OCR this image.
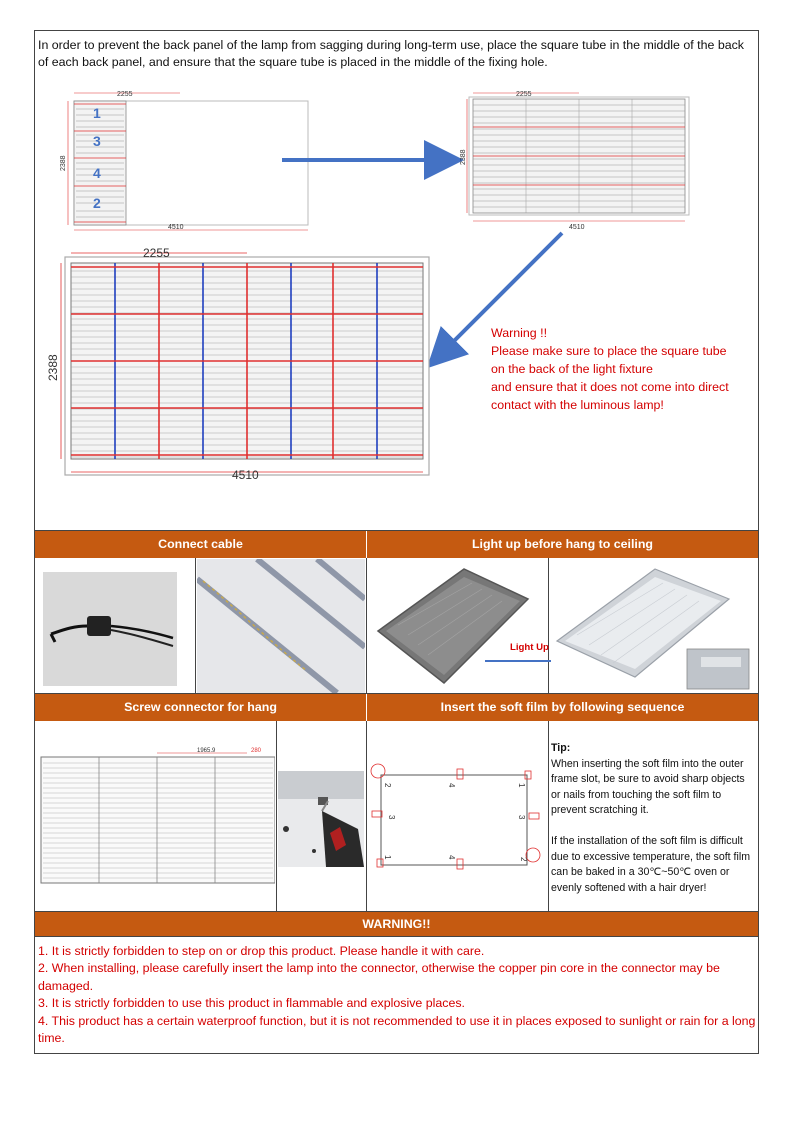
In order to prevent the back panel of the lamp from sagging during long-term use, place the square tube in the middle of the back of each back panel, and ensure that the square tube is placed in the middle of the fixing hole.
2255
2388
4510
1
3
4
2
2255
2388
4510
2255
2388
4510
Warning !!
Please make sure to place the square tube
on the back of the light fixture
and ensure that it does not come into direct
contact with the luminous lamp!
Connect cable	Light up before hang to ceiling
Light Up
Screw connector for hang	Insert the soft film by following sequence
1965.9	280
2	1
4
3	3
1	4	2
Tip:
When inserting the soft film into the outer frame slot, be sure to avoid sharp objects or nails from touching the soft film to prevent scratching it.
If the installation of the soft film is difficult due to excessive temperature, the soft film can be baked in a 30℃~50℃ oven or evenly softened with a hair dryer!
WARNING!!
1. It is strictly forbidden to step on or drop this product. Please handle it with care.
2. When installing, please carefully insert the lamp into the connector, otherwise the copper pin core in the connector may be damaged.
3. It is strictly forbidden to use this product in flammable and explosive places.
4. This product has a certain waterproof function, but it is not recommended to use it in places exposed to sunlight or rain for a long time.
